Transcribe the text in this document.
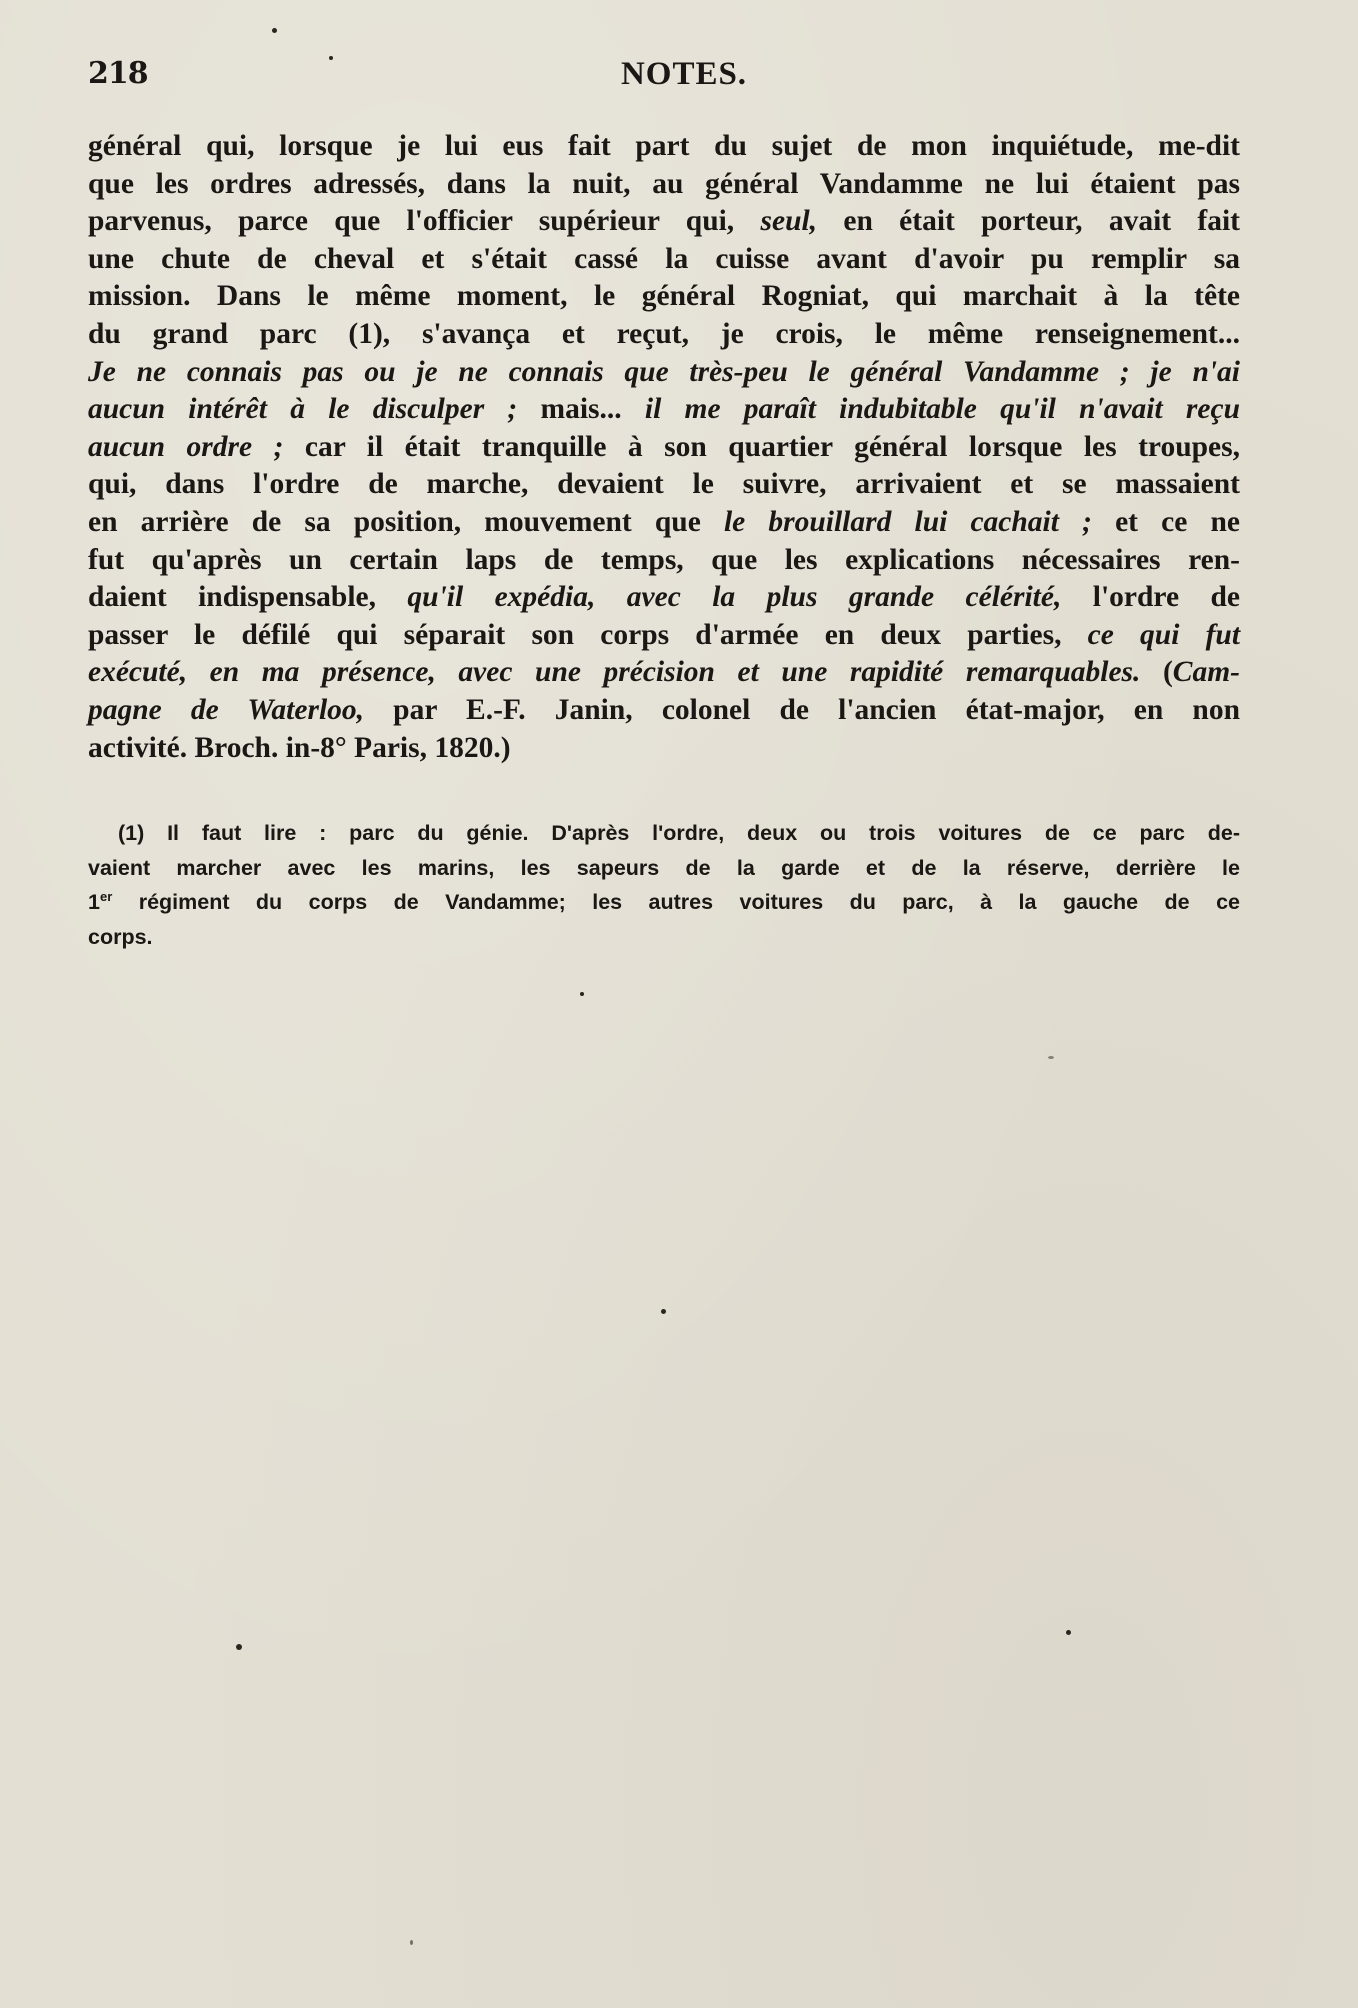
218	NOTES.
général qui, lorsque je lui eus fait part du sujet de mon inquiétude, me-dit
que les ordres adressés, dans la nuit, au général Vandamme ne lui étaient pas
parvenus, parce que l'officier supérieur qui, seul, en était porteur, avait fait
une chute de cheval et s'était cassé la cuisse avant d'avoir pu remplir sa
mission. Dans le même moment, le général Rogniat, qui marchait à la tête
du grand parc (1), s'avança et reçut, je crois, le même renseignement...
Je ne connais pas ou je ne connais que très-peu le général Vandamme ; je n'ai
aucun intérêt à le disculper ; mais... il me paraît indubitable qu'il n'avait reçu
aucun ordre ; car il était tranquille à son quartier général lorsque les troupes,
qui, dans l'ordre de marche, devaient le suivre, arrivaient et se massaient
en arrière de sa position, mouvement que le brouillard lui cachait ; et ce ne
fut qu'après un certain laps de temps, que les explications nécessaires ren-
daient indispensable, qu'il expédia, avec la plus grande célérité, l'ordre de
passer le défilé qui séparait son corps d'armée en deux parties, ce qui fut
exécuté, en ma présence, avec une précision et une rapidité remarquables. (Cam-
pagne de Waterloo, par E.-F. Janin, colonel de l'ancien état-major, en non
activité. Broch. in-8° Paris, 1820.)
(1) Il faut lire : parc du génie. D'après l'ordre, deux ou trois voitures de ce parc de-
vaient marcher avec les marins, les sapeurs de la garde et de la réserve, derrière le
1er régiment du corps de Vandamme; les autres voitures du parc, à la gauche de ce
corps.
